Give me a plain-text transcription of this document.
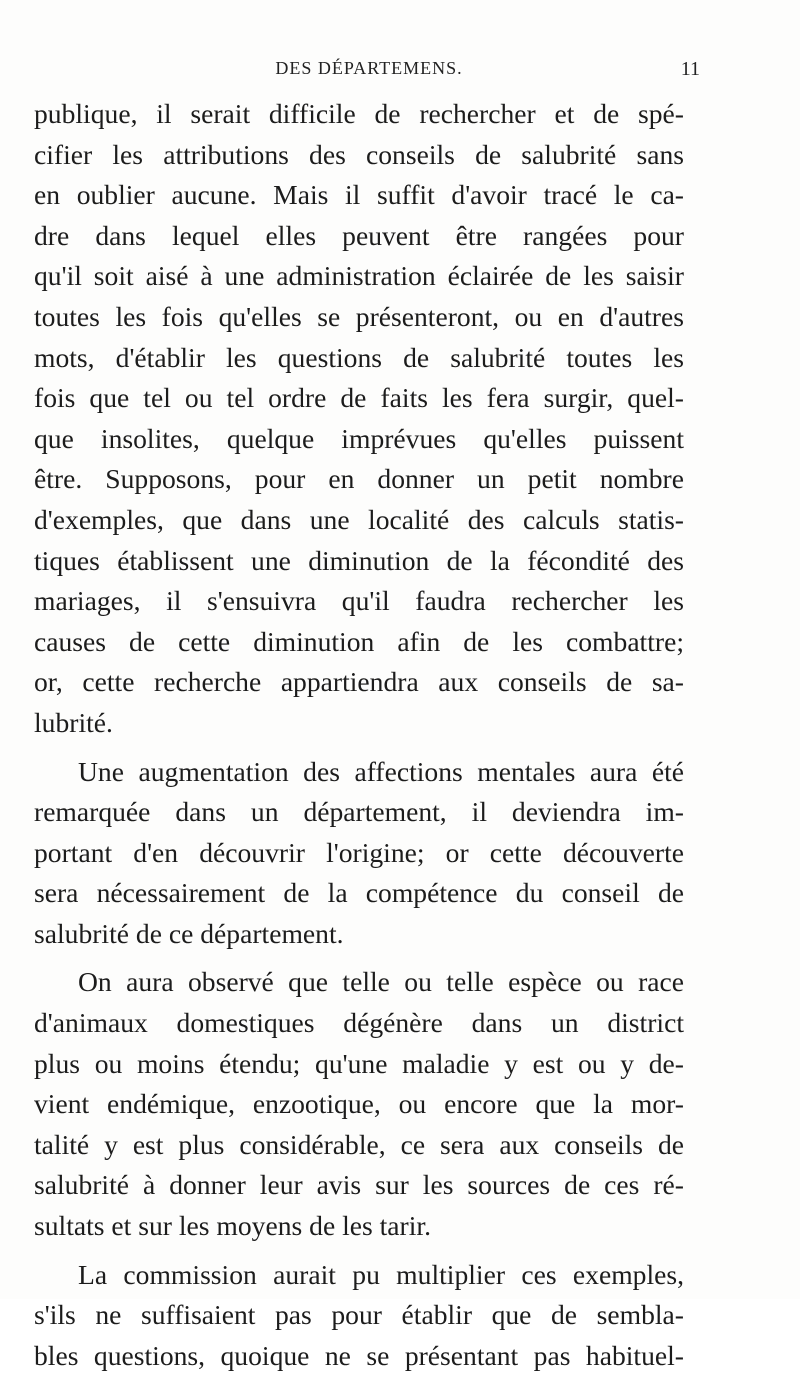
DES DÉPARTEMENS.	11
publique, il serait difficile de rechercher et de spé-
cifier les attributions des conseils de salubrité sans
en oublier aucune. Mais il suffit d'avoir tracé le ca-
dre dans lequel elles peuvent être rangées pour
qu'il soit aisé à une administration éclairée de les saisir
toutes les fois qu'elles se présenteront, ou en d'autres
mots, d'établir les questions de salubrité toutes les
fois que tel ou tel ordre de faits les fera surgir, quel-
que insolites, quelque imprévues qu'elles puissent
être. Supposons, pour en donner un petit nombre
d'exemples, que dans une localité des calculs statis-
tiques établissent une diminution de la fécondité des
mariages, il s'ensuivra qu'il faudra rechercher les
causes de cette diminution afin de les combattre;
or, cette recherche appartiendra aux conseils de sa-
lubrité.
Une augmentation des affections mentales aura été
remarquée dans un département, il deviendra im-
portant d'en découvrir l'origine; or cette découverte
sera nécessairement de la compétence du conseil de
salubrité de ce département.
On aura observé que telle ou telle espèce ou race
d'animaux domestiques dégénère dans un district
plus ou moins étendu; qu'une maladie y est ou y de-
vient endémique, enzootique, ou encore que la mor-
talité y est plus considérable, ce sera aux conseils de
salubrité à donner leur avis sur les sources de ces ré-
sultats et sur les moyens de les tarir.
La commission aurait pu multiplier ces exemples,
s'ils ne suffisaient pas pour établir que de sembla-
bles questions, quoique ne se présentant pas habituel-
